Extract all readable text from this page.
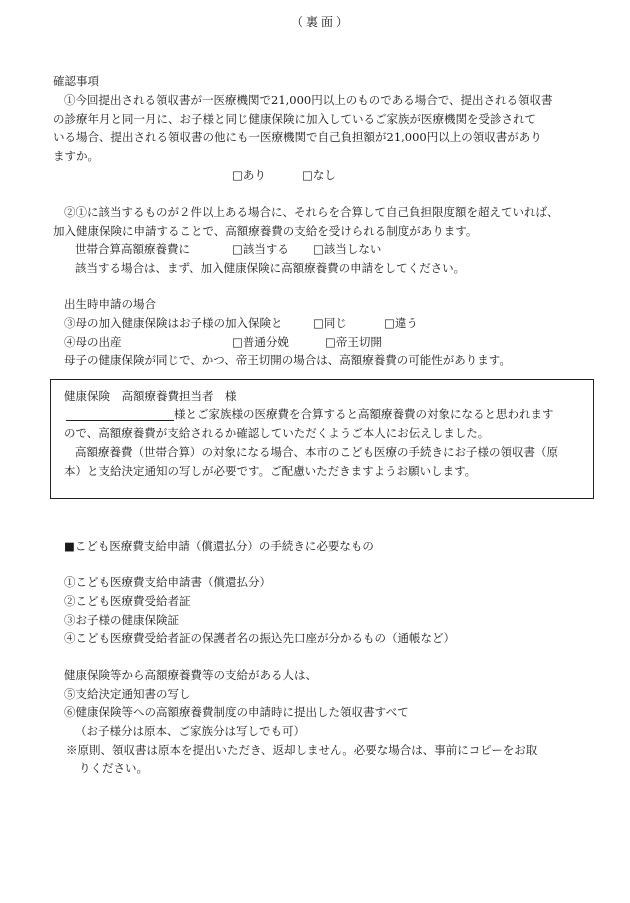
（裏面）
確認事項
①今回提出される領収書が一医療機関で21,000円以上のものである場合で、提出される領収書
の診療年月と同一月に、お子様と同じ健康保険に加入しているご家族が医療機関を受診されて
いる場合、提出される領収書の他にも一医療機関で自己負担額が21,000円以上の領収書があり
ますか。
□あり	□なし
②①に該当するものが２件以上ある場合に、それらを合算して自己負担限度額を超えていれば、
加入健康保険に申請することで、高額療養費の支給を受けられる制度があります。
世帯合算高額療養費に	□該当する □該当しない
該当する場合は、まず、加入健康保険に高額療養費の申請をしてください。
出生時申請の場合
③母の加入健康保険はお子様の加入保険と	□同じ	□違う
④母の出産	□普通分娩	□帝王切開
母子の健康保険が同じで、かつ、帝王切開の場合は、高額療養費の可能性があります。
健康保険　高額療養費担当者　様
様とご家族様の医療費を合算すると高額療養費の対象になると思われます
ので、高額療養費が支給されるか確認していただくようご本人にお伝えしました。
高額療養費（世帯合算）の対象になる場合、本市のこども医療の手続きにお子様の領収書（原
本）と支給決定通知の写しが必要です。ご配慮いただきますようお願いします。
■こども医療費支給申請（償還払分）の手続きに必要なもの
①こども医療費支給申請書（償還払分）
②こども医療費受給者証
③お子様の健康保険証
④こども医療費受給者証の保護者名の振込先口座が分かるもの（通帳など）
健康保険等から高額療養費等の支給がある人は、
⑤支給決定通知書の写し
⑥健康保険等への高額療養費制度の申請時に提出した領収書すべて
（お子様分は原本、ご家族分は写しでも可）
※原則、領収書は原本を提出いただき、返却しません。必要な場合は、事前にコピーをお取
りください。
